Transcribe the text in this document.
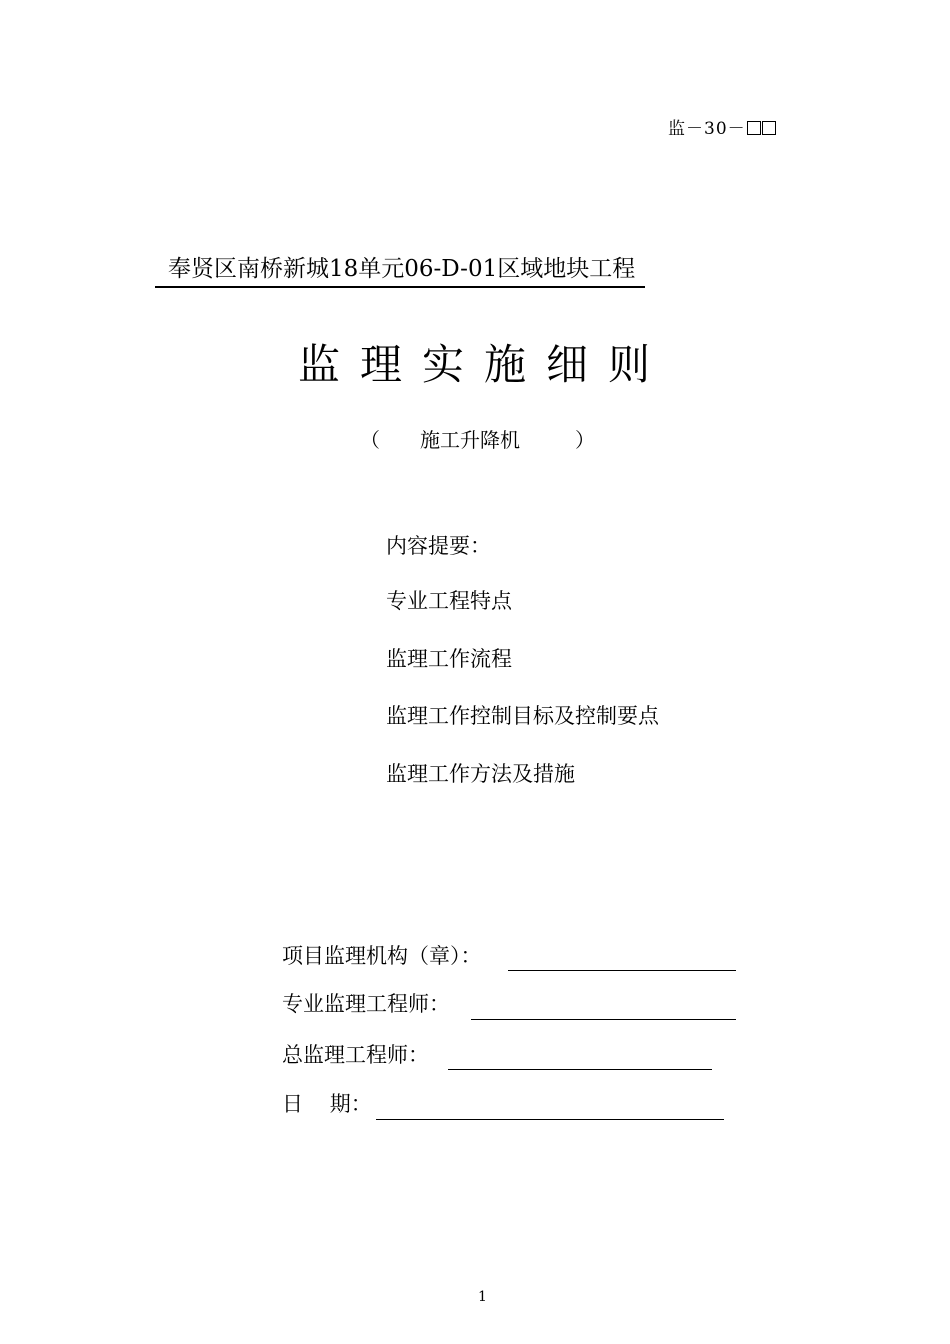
监－30－
奉贤区南桥新城18单元06-D-01区域地块工程
监理实施细则
（ 施工升降机	）
内容提要：
专业工程特点
监理工作流程
监理工作控制目标及控制要点
监理工作方法及措施
项目监理机构（章）：
专业监理工程师：
总监理工程师：
日    期：
1
